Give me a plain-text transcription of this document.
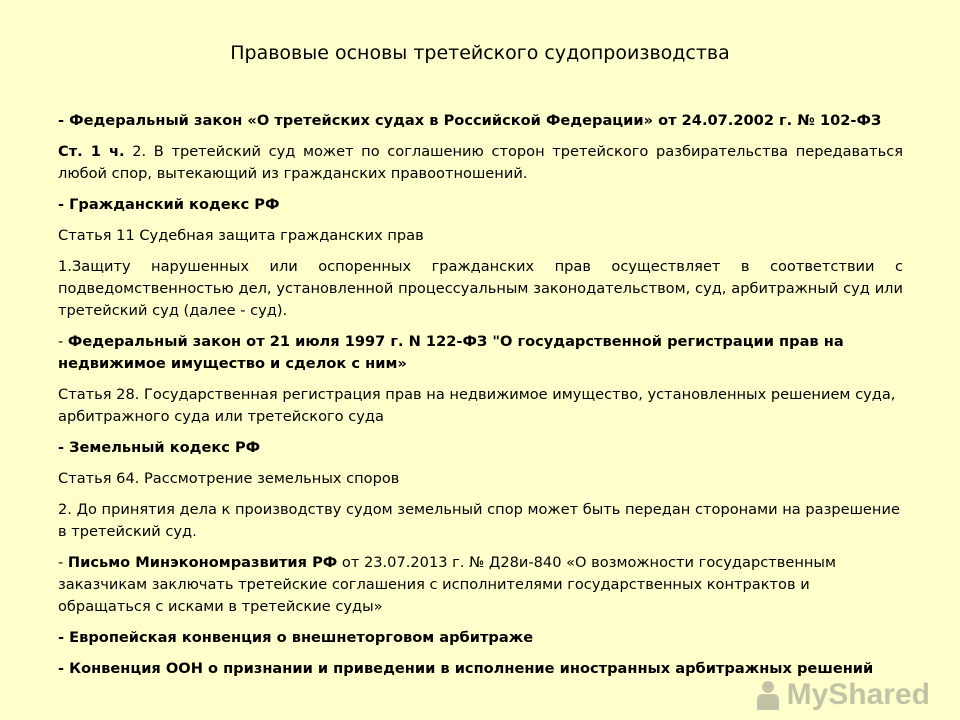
Правовые основы третейского судопроизводства

- Федеральный закон «О третейских судах в Российской Федерации» от 24.07.2002 г. № 102-ФЗ

Ст. 1 ч. 2. В третейский суд может по соглашению сторон третейского разбирательства передаваться любой спор, вытекающий из гражданских правоотношений.

- Гражданский кодекс РФ

Статья 11 Судебная защита гражданских прав

1.Защиту нарушенных или оспоренных гражданских прав осуществляет в соответствии с подведомственностью дел, установленной процессуальным законодательством, суд, арбитражный суд или третейский суд (далее - суд).

- Федеральный закон от 21 июля 1997 г. N 122-ФЗ "О государственной регистрации прав на недвижимое имущество и сделок с ним»

Статья 28. Государственная регистрация прав на недвижимое имущество, установленных решением суда, арбитражного суда или третейского суда

- Земельный кодекс РФ

Статья 64. Рассмотрение земельных споров

2. До принятия дела к производству судом земельный спор может быть передан сторонами на разрешение в третейский суд.

- Письмо Минэкономразвития РФ от 23.07.2013 г. № Д28и-840 «О возможности государственным заказчикам заключать третейские соглашения с исполнителями государственных контрактов и обращаться с исками в третейские суды»

- Европейская конвенция о внешнеторговом арбитраже

- Конвенция ООН о признании и приведении в исполнение иностранных арбитражных решений

MyShared
